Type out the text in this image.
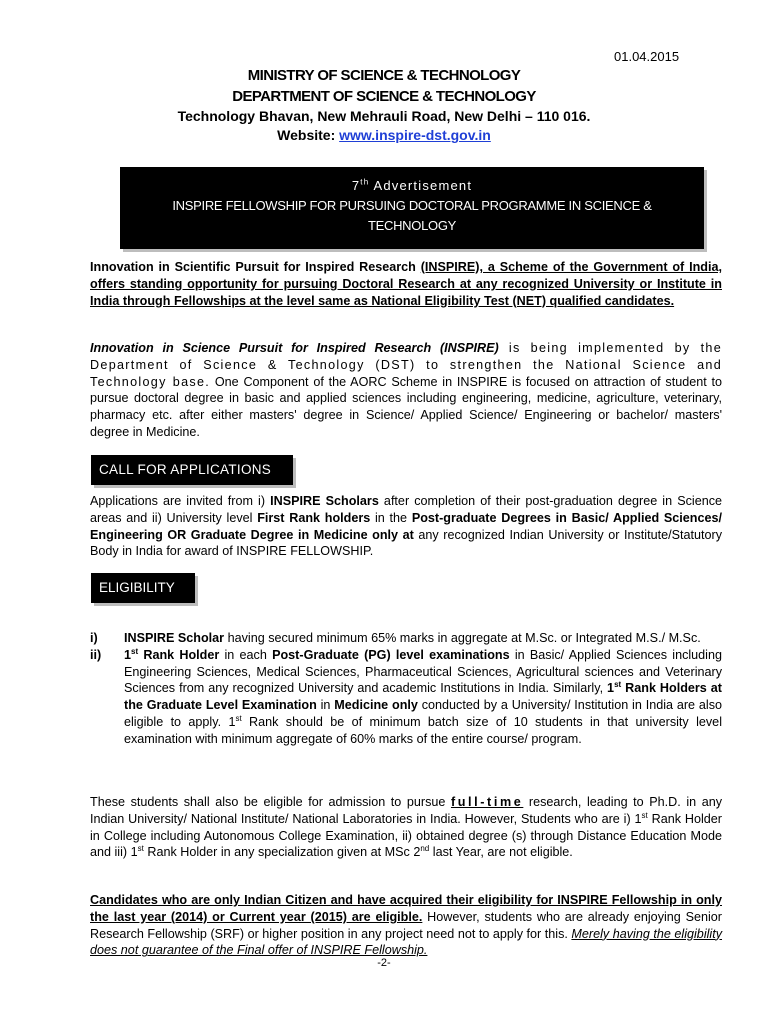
01.04.2015
MINISTRY OF SCIENCE & TECHNOLOGY
DEPARTMENT OF SCIENCE & TECHNOLOGY
Technology Bhavan, New Mehrauli Road, New Delhi – 110 016.
Website: www.inspire-dst.gov.in
7th Advertisement
INSPIRE FELLOWSHIP FOR PURSUING DOCTORAL PROGRAMME IN SCIENCE & TECHNOLOGY
Innovation in Scientific Pursuit for Inspired Research (INSPIRE), a Scheme of the Government of India, offers standing opportunity for pursuing Doctoral Research at any recognized University or Institute in India through Fellowships at the level same as National Eligibility Test (NET) qualified candidates.
Innovation in Science Pursuit for Inspired Research (INSPIRE) is being implemented by the Department of Science & Technology (DST) to strengthen the National Science and Technology base. One Component of the AORC Scheme in INSPIRE is focused on attraction of student to pursue doctoral degree in basic and applied sciences including engineering, medicine, agriculture, veterinary, pharmacy etc. after either masters' degree in Science/ Applied Science/ Engineering or bachelor/ masters' degree in Medicine.
CALL FOR APPLICATIONS
Applications are invited from i) INSPIRE Scholars after completion of their post-graduation degree in Science areas and ii) University level First Rank holders in the Post-graduate Degrees in Basic/ Applied Sciences/ Engineering OR Graduate Degree in Medicine only at any recognized Indian University or Institute/Statutory Body in India for award of INSPIRE FELLOWSHIP.
ELIGIBILITY
i) INSPIRE Scholar having secured minimum 65% marks in aggregate at M.Sc. or Integrated M.S./ M.Sc.
ii) 1st Rank Holder in each Post-Graduate (PG) level examinations in Basic/ Applied Sciences including Engineering Sciences, Medical Sciences, Pharmaceutical Sciences, Agricultural sciences and Veterinary Sciences from any recognized University and academic Institutions in India. Similarly, 1st Rank Holders at the Graduate Level Examination in Medicine only conducted by a University/ Institution in India are also eligible to apply. 1st Rank should be of minimum batch size of 10 students in that university level examination with minimum aggregate of 60% marks of the entire course/ program.
These students shall also be eligible for admission to pursue full-time research, leading to Ph.D. in any Indian University/ National Institute/ National Laboratories in India. However, Students who are i) 1st Rank Holder in College including Autonomous College Examination, ii) obtained degree (s) through Distance Education Mode and iii) 1st Rank Holder in any specialization given at MSc 2nd last Year, are not eligible.
Candidates who are only Indian Citizen and have acquired their eligibility for INSPIRE Fellowship in only the last year (2014) or Current year (2015) are eligible. However, students who are already enjoying Senior Research Fellowship (SRF) or higher position in any project need not to apply for this. Merely having the eligibility does not guarantee of the Final offer of INSPIRE Fellowship.
-2-
